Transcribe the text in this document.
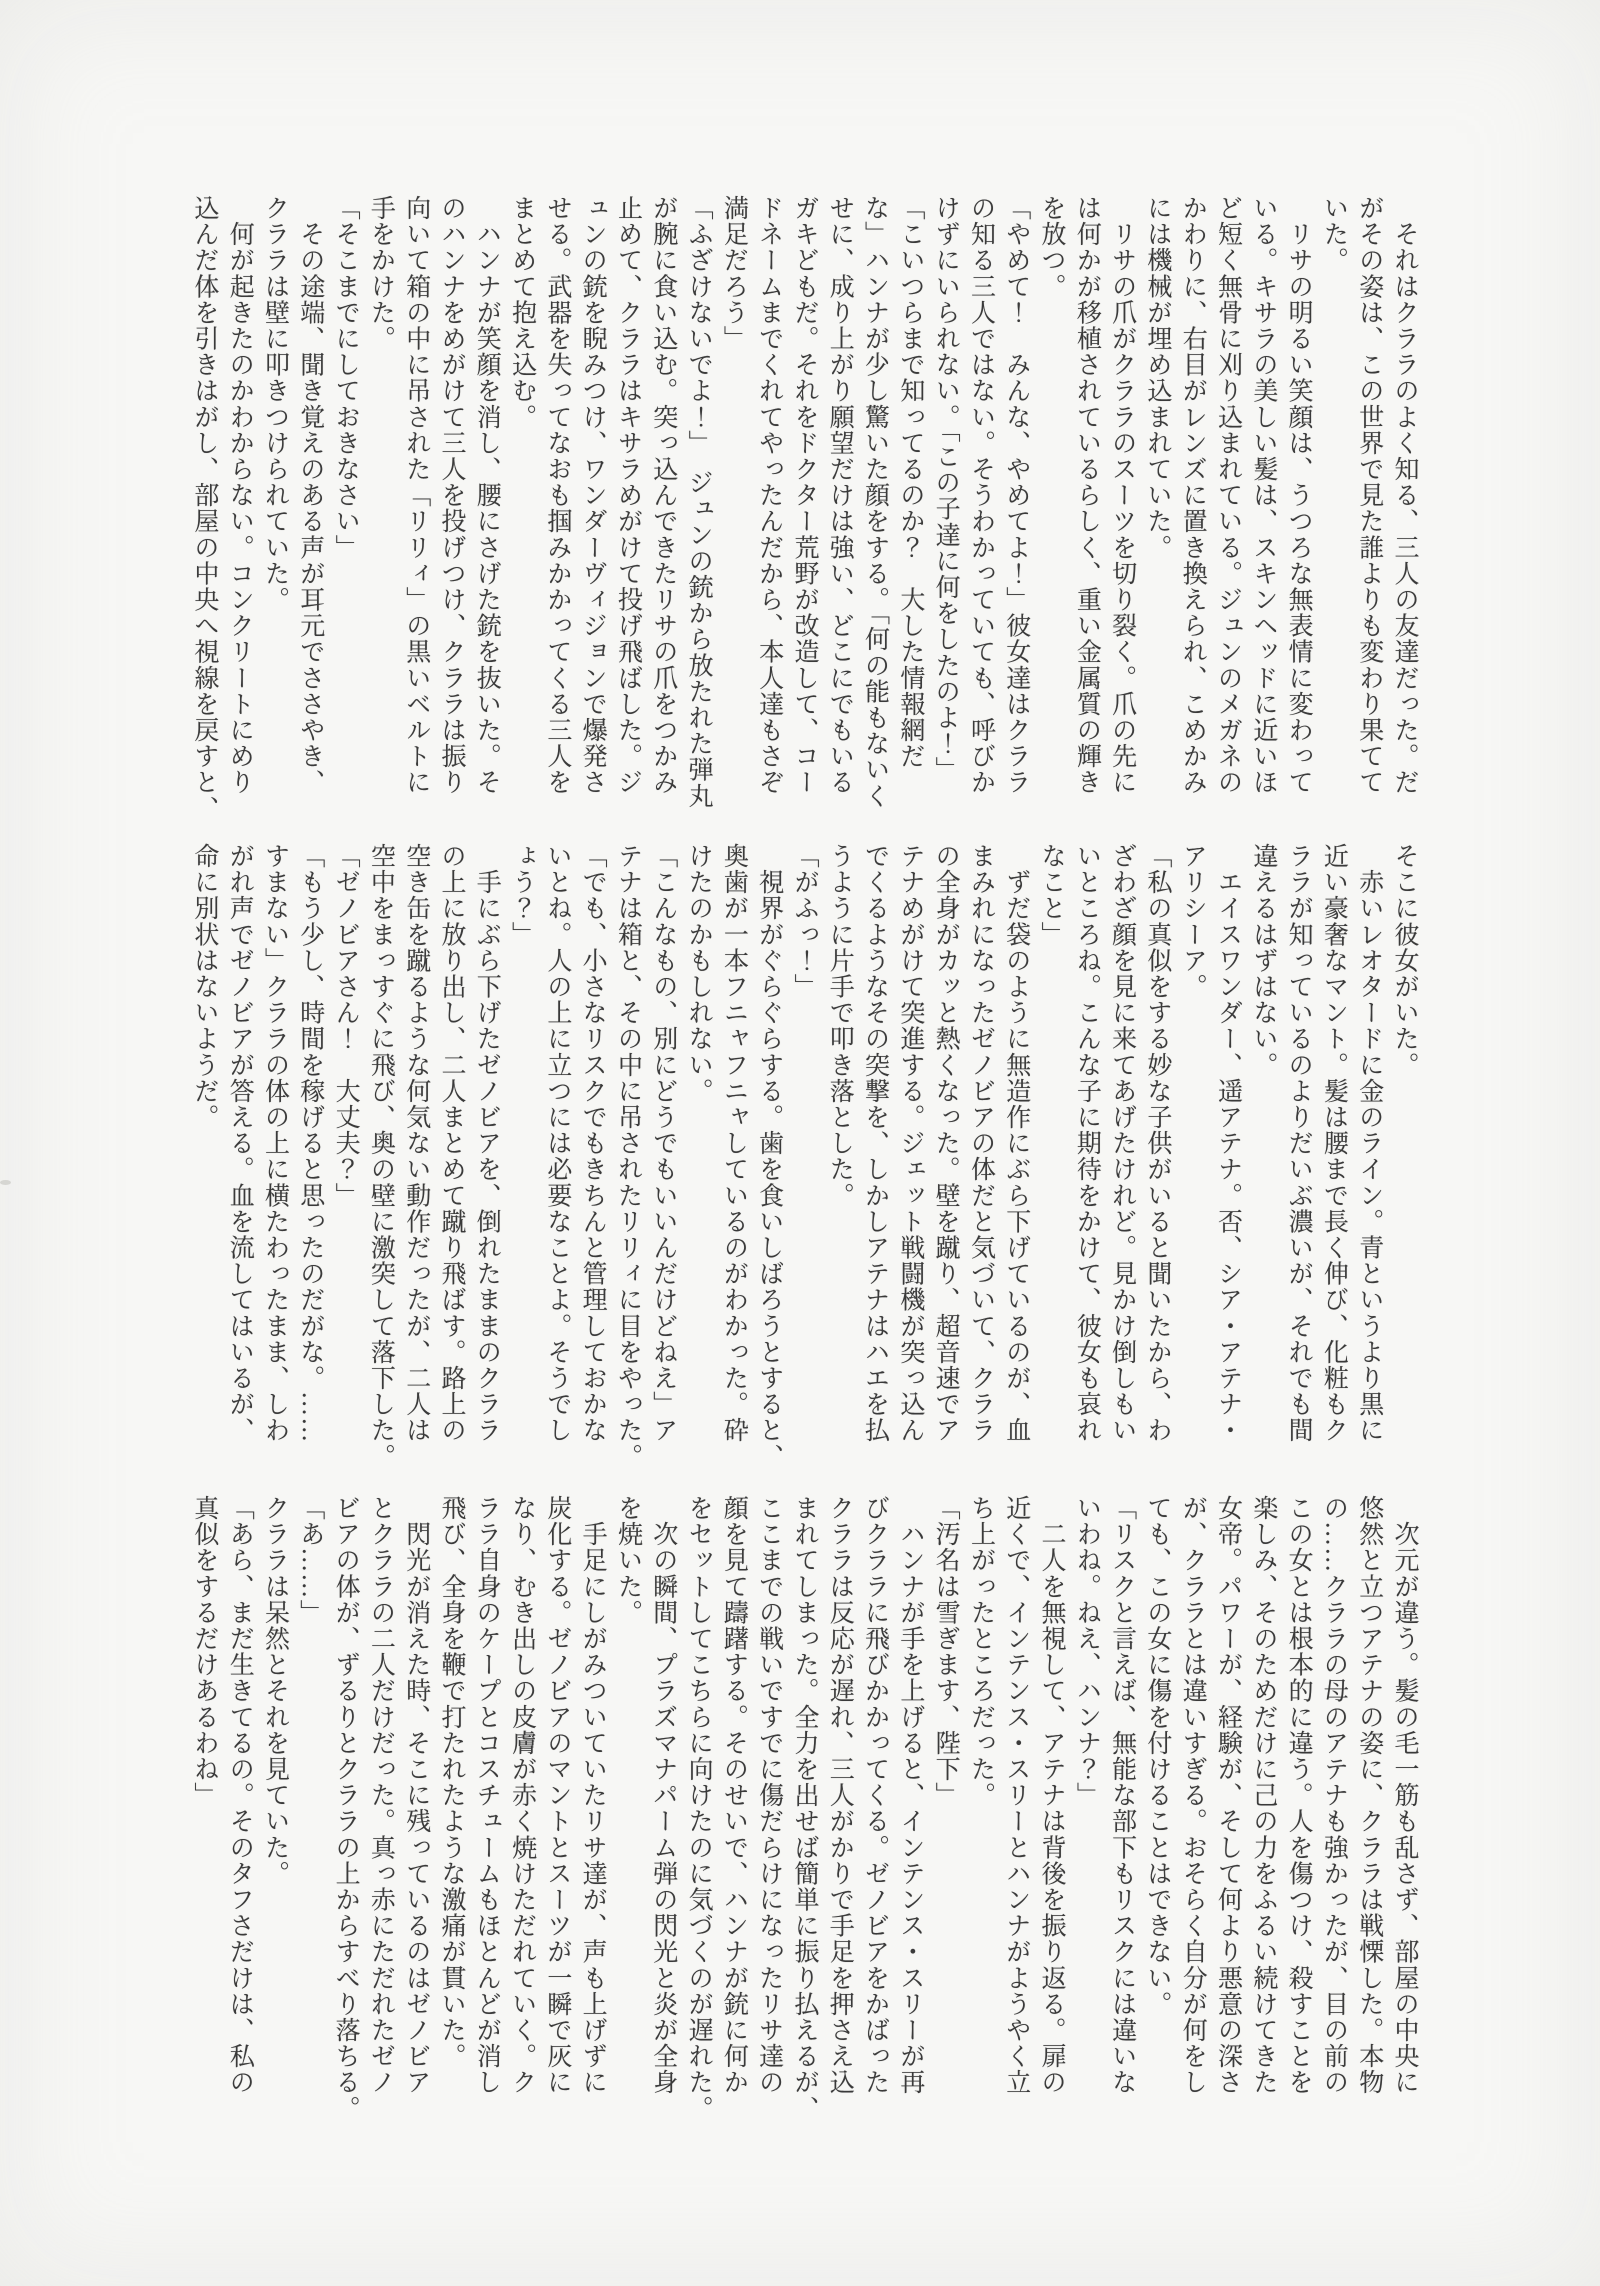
　それはクララのよく知る、三人の友達だった。だ
がその姿は、この世界で見た誰よりも変わり果てて
いた。
　リサの明るい笑顔は、うつろな無表情に変わって
いる。キサラの美しい髪は、スキンヘッドに近いほ
ど短く無骨に刈り込まれている。ジュンのメガネの
かわりに、右目がレンズに置き換えられ、こめかみ
には機械が埋め込まれていた。
　リサの爪がクララのスーツを切り裂く。爪の先に
は何かが移植されているらしく、重い金属質の輝き
を放つ。
「やめて！　みんな、やめてよ！」彼女達はクララ
の知る三人ではない。そうわかっていても、呼びか
けずにいられない。「この子達に何をしたのよ！」
「こいつらまで知ってるのか？　大した情報網だ
な」ハンナが少し驚いた顔をする。「何の能もないく
せに、成り上がり願望だけは強い、どこにでもいる
ガキどもだ。それをドクター荒野が改造して、コー
ドネームまでくれてやったんだから、本人達もさぞ
満足だろう」
「ふざけないでよ！」　ジュンの銃から放たれた弾丸
が腕に食い込む。突っ込んできたリサの爪をつかみ
止めて、クララはキサラめがけて投げ飛ばした。ジ
ュンの銃を睨みつけ、ワンダーヴィジョンで爆発さ
せる。武器を失ってなおも掴みかかってくる三人を
まとめて抱え込む。
　ハンナが笑顔を消し、腰にさげた銃を抜いた。そ
のハンナをめがけて三人を投げつけ、クララは振り
向いて箱の中に吊された「リリィ」の黒いベルトに
手をかけた。
「そこまでにしておきなさい」
　その途端、聞き覚えのある声が耳元でささやき、
クララは壁に叩きつけられていた。
　何が起きたのかわからない。コンクリートにめり
込んだ体を引きはがし、部屋の中央へ視線を戻すと、
そこに彼女がいた。
　赤いレオタードに金のライン。青というより黒に
近い豪奢なマント。髪は腰まで長く伸び、化粧もク
ララが知っているのよりだいぶ濃いが、それでも間
違えるはずはない。
　エイスワンダー、遥アテナ。否、シア・アテナ・
アリシーア。
「私の真似をする妙な子供がいると聞いたから、わ
ざわざ顔を見に来てあげたけれど。見かけ倒しもい
いところね。こんな子に期待をかけて、彼女も哀れ
なこと」
　ずだ袋のように無造作にぶら下げているのが、血
まみれになったゼノビアの体だと気づいて、クララ
の全身がカッと熱くなった。壁を蹴り、超音速でア
テナめがけて突進する。ジェット戦闘機が突っ込ん
でくるようなその突撃を、しかしアテナはハエを払
うように片手で叩き落とした。
「がふっ！」
　視界がぐらぐらする。歯を食いしばろうとすると、
奥歯が一本フニャフニャしているのがわかった。砕
けたのかもしれない。
「こんなもの、別にどうでもいいんだけどねえ」ア
テナは箱と、その中に吊されたリリィに目をやった。
「でも、小さなリスクでもきちんと管理しておかな
いとね。人の上に立つには必要なことよ。そうでし
ょう？」
　手にぶら下げたゼノビアを、倒れたままのクララ
の上に放り出し、二人まとめて蹴り飛ばす。路上の
空き缶を蹴るような何気ない動作だったが、二人は
空中をまっすぐに飛び、奥の壁に激突して落下した。
「ゼノビアさん！　大丈夫？」
「もう少し、時間を稼げると思ったのだがな。……
すまない」クララの体の上に横たわったまま、しわ
がれ声でゼノビアが答える。血を流してはいるが、
命に別状はないようだ。
　次元が違う。髪の毛一筋も乱さず、部屋の中央に
悠然と立つアテナの姿に、クララは戦慄した。本物
の……クララの母のアテナも強かったが、目の前の
この女とは根本的に違う。人を傷つけ、殺すことを
楽しみ、そのためだけに己の力をふるい続けてきた
女帝。パワーが、経験が、そして何より悪意の深さ
が、クララとは違いすぎる。おそらく自分が何をし
ても、この女に傷を付けることはできない。
「リスクと言えば、無能な部下もリスクには違いな
いわね。ねえ、ハンナ？」
　二人を無視して、アテナは背後を振り返る。扉の
近くで、インテンス・スリーとハンナがようやく立
ち上がったところだった。
「汚名は雪ぎます、陛下」
　ハンナが手を上げると、インテンス・スリーが再
びクララに飛びかかってくる。ゼノビアをかばった
クララは反応が遅れ、三人がかりで手足を押さえ込
まれてしまった。全力を出せば簡単に振り払えるが、
ここまでの戦いですでに傷だらけになったリサ達の
顔を見て躊躇する。そのせいで、ハンナが銃に何か
をセットしてこちらに向けたのに気づくのが遅れた。
　次の瞬間、プラズマナパーム弾の閃光と炎が全身
を焼いた。
　手足にしがみついていたリサ達が、声も上げずに
炭化する。ゼノビアのマントとスーツが一瞬で灰に
なり、むき出しの皮膚が赤く焼けただれていく。ク
ララ自身のケープとコスチュームもほとんどが消し
飛び、全身を鞭で打たれたような激痛が貫いた。
　閃光が消えた時、そこに残っているのはゼノビア
とクララの二人だけだった。真っ赤にただれたゼノ
ビアの体が、ずるりとクララの上からすべり落ちる。
「あ……」
クララは呆然とそれを見ていた。
「あら、まだ生きてるの。そのタフさだけは、私の
真似をするだけあるわね」
